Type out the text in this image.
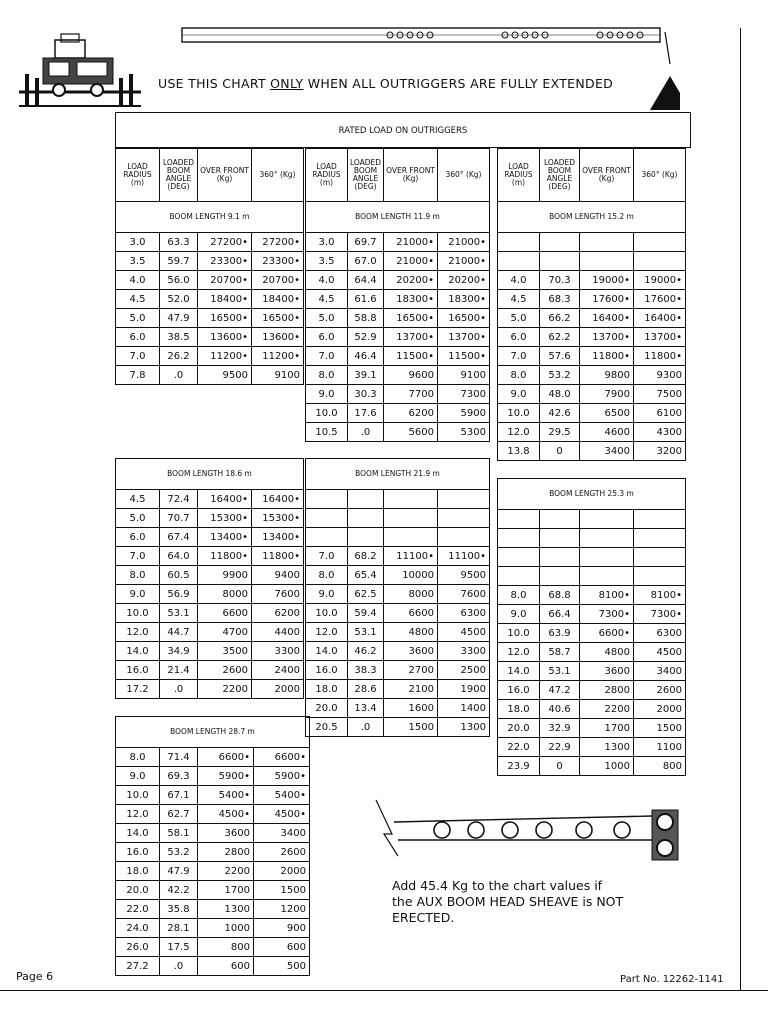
USE THIS CHART ONLY WHEN ALL OUTRIGGERS ARE FULLY EXTENDED
RATED LOAD ON OUTRIGGERS
LOAD RADIUS (m)	LOADED BOOM ANGLE (DEG)	OVER FRONT (Kg)	360° (Kg)
BOOM LENGTH 9.1 m			
3.0	63.3	27200•	27200•
3.5	59.7	23300•	23300•
4.0	56.0	20700•	20700•
4.5	52.0	18400•	18400•
5.0	47.9	16500•	16500•
6.0	38.5	13600•	13600•
7.0	26.2	11200•	11200•
7.8	.0	9500	9100
LOAD RADIUS (m)	LOADED BOOM ANGLE (DEG)	OVER FRONT (Kg)	360° (Kg)
BOOM LENGTH 11.9 m			
3.0	69.7	21000•	21000•
3.5	67.0	21000•	21000•
4.0	64.4	20200•	20200•
4.5	61.6	18300•	18300•
5.0	58.8	16500•	16500•
6.0	52.9	13700•	13700•
7.0	46.4	11500•	11500•
8.0	39.1	9600	9100
9.0	30.3	7700	7300
10.0	17.6	6200	5900
10.5	.0	5600	5300
LOAD RADIUS (m)	LOADED BOOM ANGLE (DEG)	OVER FRONT (Kg)	360° (Kg)
BOOM LENGTH 15.2 m			

4.0	70.3	19000•	19000•
4.5	68.3	17600•	17600•
5.0	66.2	16400•	16400•
6.0	62.2	13700•	13700•
7.0	57.6	11800•	11800•
8.0	53.2	9800	9300
9.0	48.0	7900	7500
10.0	42.6	6500	6100
12.0	29.5	4600	4300
13.8	0	3400	3200
BOOM LENGTH 18.6 m			
4.5	72.4	16400•	16400•
5.0	70.7	15300•	15300•
6.0	67.4	13400•	13400•
7.0	64.0	11800•	11800•
8.0	60.5	9900	9400
9.0	56.9	8000	7600
10.0	53.1	6600	6200
12.0	44.7	4700	4400
14.0	34.9	3500	3300
16.0	21.4	2600	2400
17.2	.0	2200	2000
BOOM LENGTH 21.9 m			

7.0	68.2	11100•	11100•
8.0	65.4	10000	9500
9.0	62.5	8000	7600
10.0	59.4	6600	6300
12.0	53.1	4800	4500
14.0	46.2	3600	3300
16.0	38.3	2700	2500
18.0	28.6	2100	1900
20.0	13.4	1600	1400
20.5	.0	1500	1300
BOOM LENGTH 25.3 m			

8.0	68.8	8100•	8100•
9.0	66.4	7300•	7300•
10.0	63.9	6600•	6300
12.0	58.7	4800	4500
14.0	53.1	3600	3400
16.0	47.2	2800	2600
18.0	40.6	2200	2000
20.0	32.9	1700	1500
22.0	22.9	1300	1100
23.9	0	1000	800
BOOM LENGTH 28.7 m			
8.0	71.4	6600•	6600•
9.0	69.3	5900•	5900•
10.0	67.1	5400•	5400•
12.0	62.7	4500•	4500•
14.0	58.1	3600	3400
16.0	53.2	2800	2600
18.0	47.9	2200	2000
20.0	42.2	1700	1500
22.0	35.8	1300	1200
24.0	28.1	1000	900
26.0	17.5	800	600
27.2	.0	600	500
Add 45.4 Kg to the chart values if
the AUX BOOM HEAD SHEAVE is NOT
ERECTED.
Page 6	Part No. 12262-1141
